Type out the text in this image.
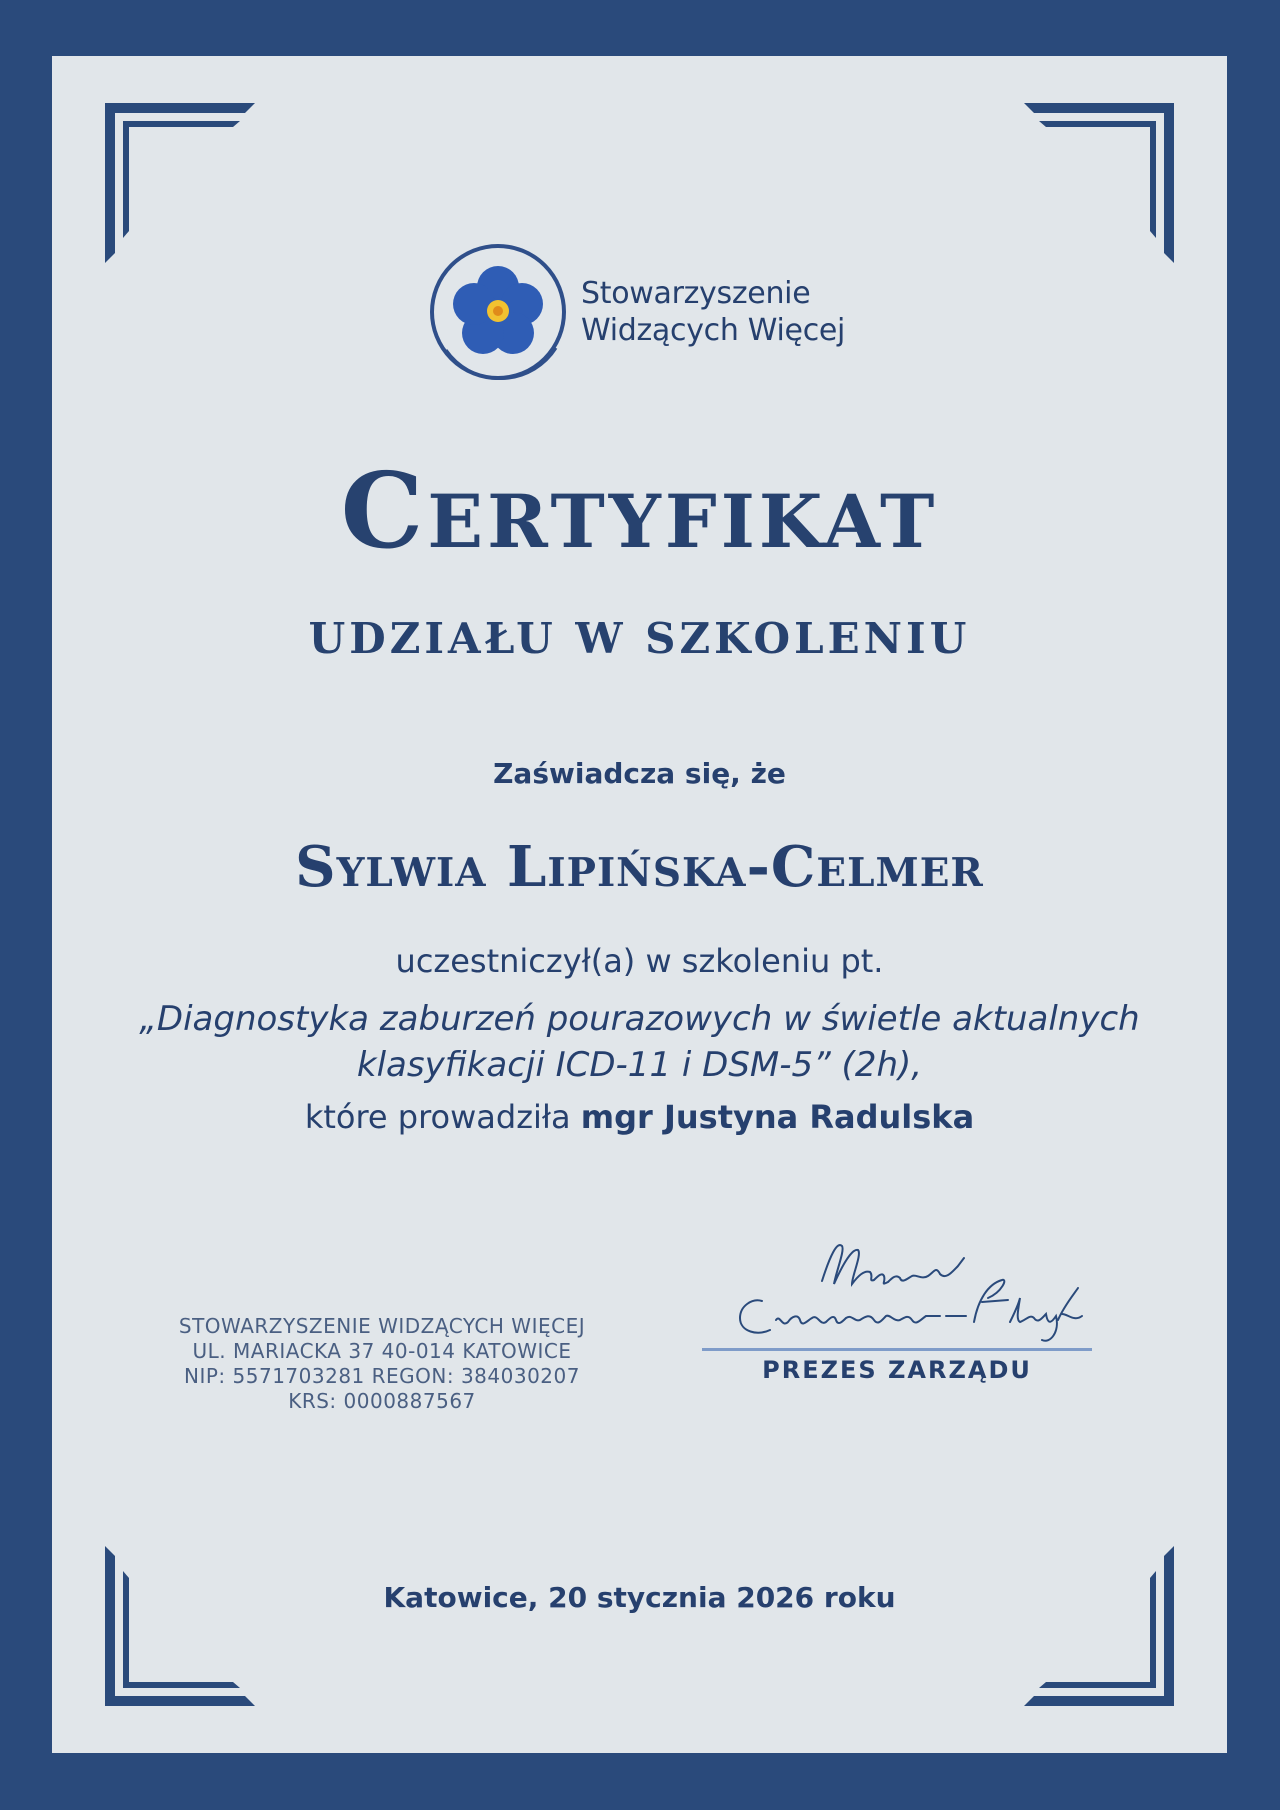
Stowarzyszenie
Widzących Więcej
Certyfikat
UDZIAŁU W SZKOLENIU
Zaświadcza się, że
Sylwia Lipińska-Celmer
uczestniczył(a) w szkoleniu pt.
„Diagnostyka zaburzeń pourazowych w świetle aktualnych klasyfikacji ICD-11 i DSM-5” (2h),
które prowadziła mgr Justyna Radulska
STOWARZYSZENIE WIDZĄCYCH WIĘCEJ
UL. MARIACKA 37 40-014 KATOWICE
NIP: 5571703281 REGON: 384030207
KRS: 0000887567
PREZES ZARZĄDU
Katowice, 20 stycznia 2026 roku
